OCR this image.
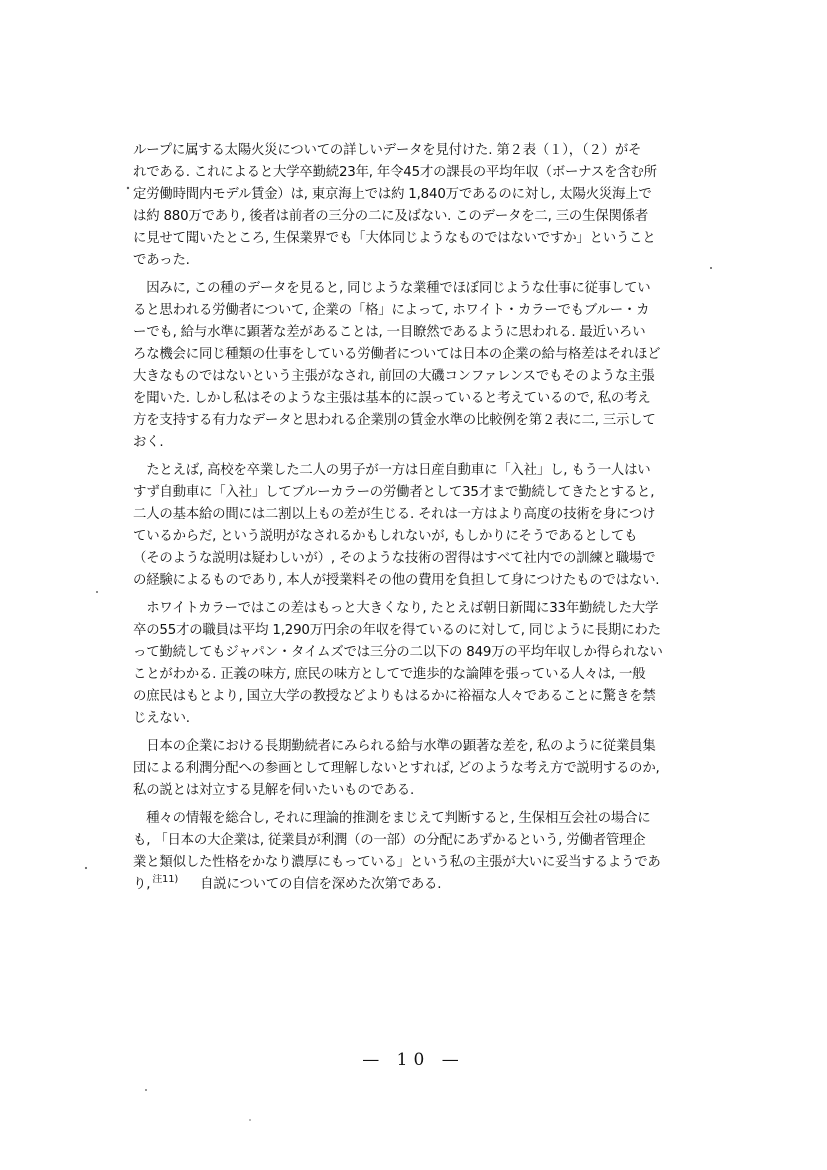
ループに属する太陽火災についての詳しいデータを見付けた. 第２表（１），（２）がそ
れである. これによると大学卒勤続23年, 年令45才の課長の平均年収（ボーナスを含む所
定労働時間内モデル賃金）は, 東京海上では約 1,840万であるのに対し, 太陽火災海上で
は約 880万であり, 後者は前者の三分の二に及ばない. このデータを二, 三の生保関係者
に見せて聞いたところ, 生保業界でも「大体同じようなものではないですか」ということ
であった.
　因みに, この種のデータを見ると, 同じような業種でほぼ同じような仕事に従事してい
ると思われる労働者について, 企業の「格」によって, ホワイト・カラーでもブルー・カ
ーでも, 給与水準に顕著な差があることは, 一目瞭然であるように思われる. 最近いろい
ろな機会に同じ種類の仕事をしている労働者については日本の企業の給与格差はそれほど
大きなものではないという主張がなされ, 前回の大磯コンファレンスでもそのような主張
を聞いた. しかし私はそのような主張は基本的に誤っていると考えているので, 私の考え
方を支持する有力なデータと思われる企業別の賃金水準の比較例を第２表に二, 三示して
おく.
　たとえば, 高校を卒業した二人の男子が一方は日産自動車に「入社」し, もう一人はい
すず自動車に「入社」してブルーカラーの労働者として35才まで勤続してきたとすると,
二人の基本給の間には二割以上もの差が生じる. それは一方はより高度の技術を身につけ
ているからだ, という説明がなされるかもしれないが, もしかりにそうであるとしても
（そのような説明は疑わしいが）, そのような技術の習得はすべて社内での訓練と職場で
の経験によるものであり, 本人が授業料その他の費用を負担して身につけたものではない.
　ホワイトカラーではこの差はもっと大きくなり, たとえば朝日新聞に33年勤続した大学
卒の55才の職員は平均 1,290万円余の年収を得ているのに対して, 同じように長期にわた
って勤続してもジャパン・タイムズでは三分の二以下の 849万の平均年収しか得られない
ことがわかる. 正義の味方, 庶民の味方としてで進歩的な論陣を張っている人々は, 一般
の庶民はもとより, 国立大学の教授などよりもはるかに裕福な人々であることに驚きを禁
じえない.
　日本の企業における長期勤続者にみられる給与水準の顕著な差を, 私のように従業員集
団による利潤分配への参画として理解しないとすれば, どのような考え方で説明するのか,
私の説とは対立する見解を伺いたいものである.
　種々の情報を総合し, それに理論的推測をまじえて判断すると, 生保相互会社の場合に
も, 「日本の大企業は, 従業員が利潤（の一部）の分配にあずかるという, 労働者管理企
業と類似した性格をかなり濃厚にもっている」という私の主張が大いに妥当するようであ
り, $^{注11)}$ 自説についての自信を深めた次第である.
— 10 —
